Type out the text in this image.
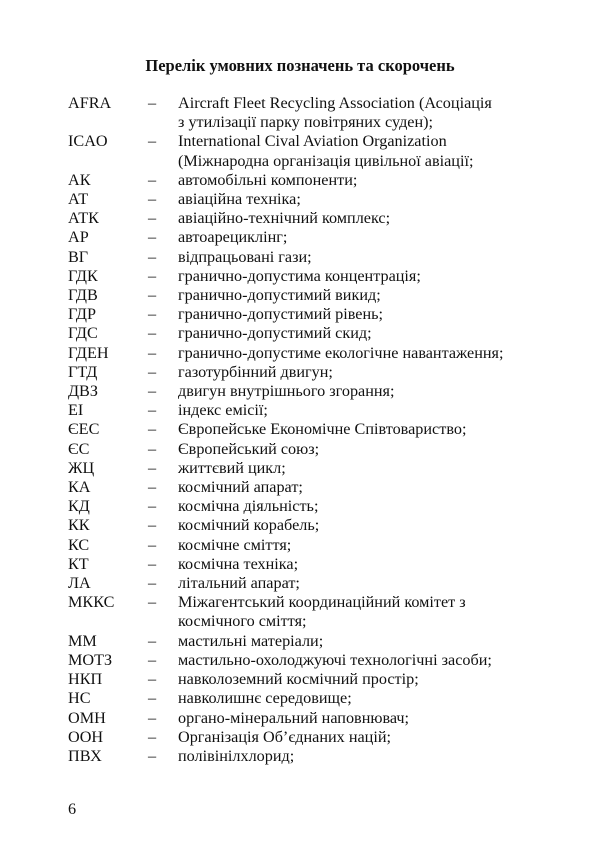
Перелік умовних позначень та скорочень
AFRA	–	Aircraft Fleet Recycling Association (Асоціація
з утилізації парку повітряних суден);
ICAO	–	International Cival Aviation Organization
(Міжнародна організація цивільної авіації;
АК	–	автомобільні компоненти;
АТ	–	авіаційна техніка;
АТК	–	авіаційно-технічний комплекс;
АР	–	автоарециклінг;
ВГ	–	відпрацьовані гази;
ГДК	–	гранично-допустима концентрація;
ГДВ	–	гранично-допустимий викид;
ГДР	–	гранично-допустимий рівень;
ГДС	–	гранично-допустимий скид;
ГДЕН	–	гранично-допустиме екологічне навантаження;
ГТД	–	газотурбінний двигун;
ДВЗ	–	двигун внутрішнього згорання;
ЕІ	–	індекс емісії;
ЄЕС	–	Європейське Економічне Співтовариство;
ЄС	–	Європейський союз;
ЖЦ	–	життєвий цикл;
КА	–	космічний апарат;
КД	–	космічна діяльність;
КК	–	космічний корабель;
КС	–	космічне сміття;
КТ	–	космічна техніка;
ЛА	–	літальний апарат;
МККС	–	Міжагентський координаційний комітет з
космічного сміття;
ММ	–	мастильні матеріали;
МОТЗ	–	мастильно-охолоджуючі технологічні засоби;
НКП	–	навколоземний космічний простір;
НС	–	навколишнє середовище;
ОМН	–	органо-мінеральний наповнювач;
ООН	–	Організація Об’єднаних націй;
ПВХ	–	полівінілхлорид;
6
